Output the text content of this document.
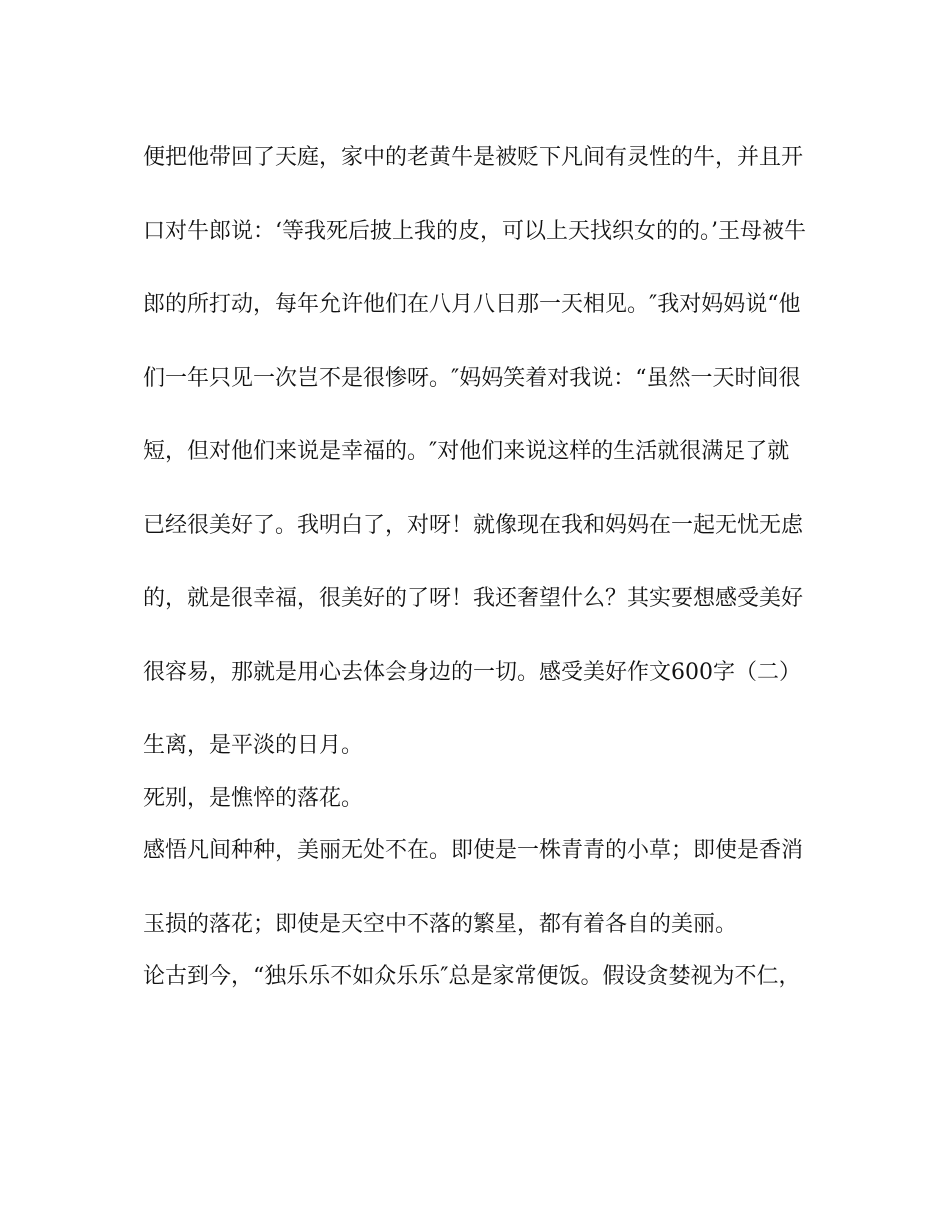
便把他带回了天庭，家中的老黄牛是被贬下凡间有灵性的牛，并且开
口对牛郎说：‘等我死后披上我的皮，可以上天找织女的的。’王母被牛
郎的所打动，每年允许他们在八月八日那一天相见。″我对妈妈说“他
们一年只见一次岂不是很惨呀。″妈妈笑着对我说：“虽然一天时间很
短，但对他们来说是幸福的。″对他们来说这样的生活就很满足了就
已经很美好了。我明白了，对呀！就像现在我和妈妈在一起无忧无虑
的，就是很幸福，很美好的了呀！我还奢望什么？其实要想感受美好
很容易，那就是用心去体会身边的一切。感受美好作文600字（二）
生离，是平淡的日月。
死别，是憔悴的落花。
感悟凡间种种，美丽无处不在。即使是一株青青的小草；即使是香消
玉损的落花；即使是天空中不落的繁星，都有着各自的美丽。
论古到今，“独乐乐不如众乐乐″总是家常便饭。假设贪婪视为不仁，
